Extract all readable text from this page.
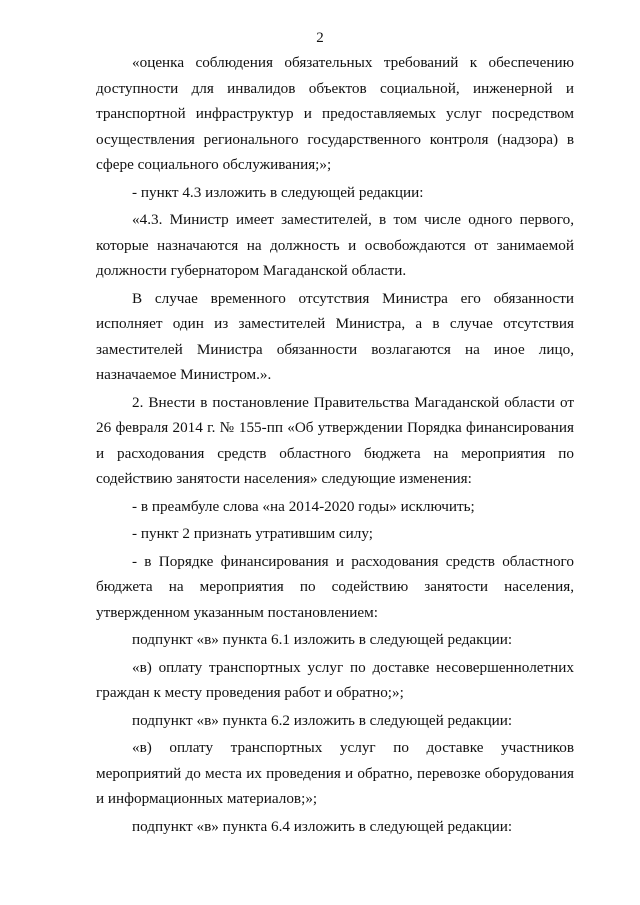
2

«оценка соблюдения обязательных требований к обеспечению доступности для инвалидов объектов социальной, инженерной и транспортной инфраструктур и предоставляемых услуг посредством осуществления регионального государственного контроля (надзора) в сфере социального обслуживания;»;

- пункт 4.3 изложить в следующей редакции:

«4.3. Министр имеет заместителей, в том числе одного первого, которые назначаются на должность и освобождаются от занимаемой должности губернатором Магаданской области.

В случае временного отсутствия Министра его обязанности исполняет один из заместителей Министра, а в случае отсутствия заместителей Министра обязанности возлагаются на иное лицо, назначаемое Министром.».

2. Внести в постановление Правительства Магаданской области от 26 февраля 2014 г. № 155-пп «Об утверждении Порядка финансирования и расходования средств областного бюджета на мероприятия по содействию занятости населения» следующие изменения:

- в преамбуле слова «на 2014-2020 годы» исключить;

- пункт 2 признать утратившим силу;

- в Порядке финансирования и расходования средств областного бюджета на мероприятия по содействию занятости населения, утвержденном указанным постановлением:

подпункт «в» пункта 6.1 изложить в следующей редакции:

«в) оплату транспортных услуг по доставке несовершеннолетних граждан к месту проведения работ и обратно;»;

подпункт «в» пункта 6.2 изложить в следующей редакции:

«в) оплату транспортных услуг по доставке участников мероприятий до места их проведения и обратно, перевозке оборудования и информационных материалов;»;

подпункт «в» пункта 6.4 изложить в следующей редакции:
